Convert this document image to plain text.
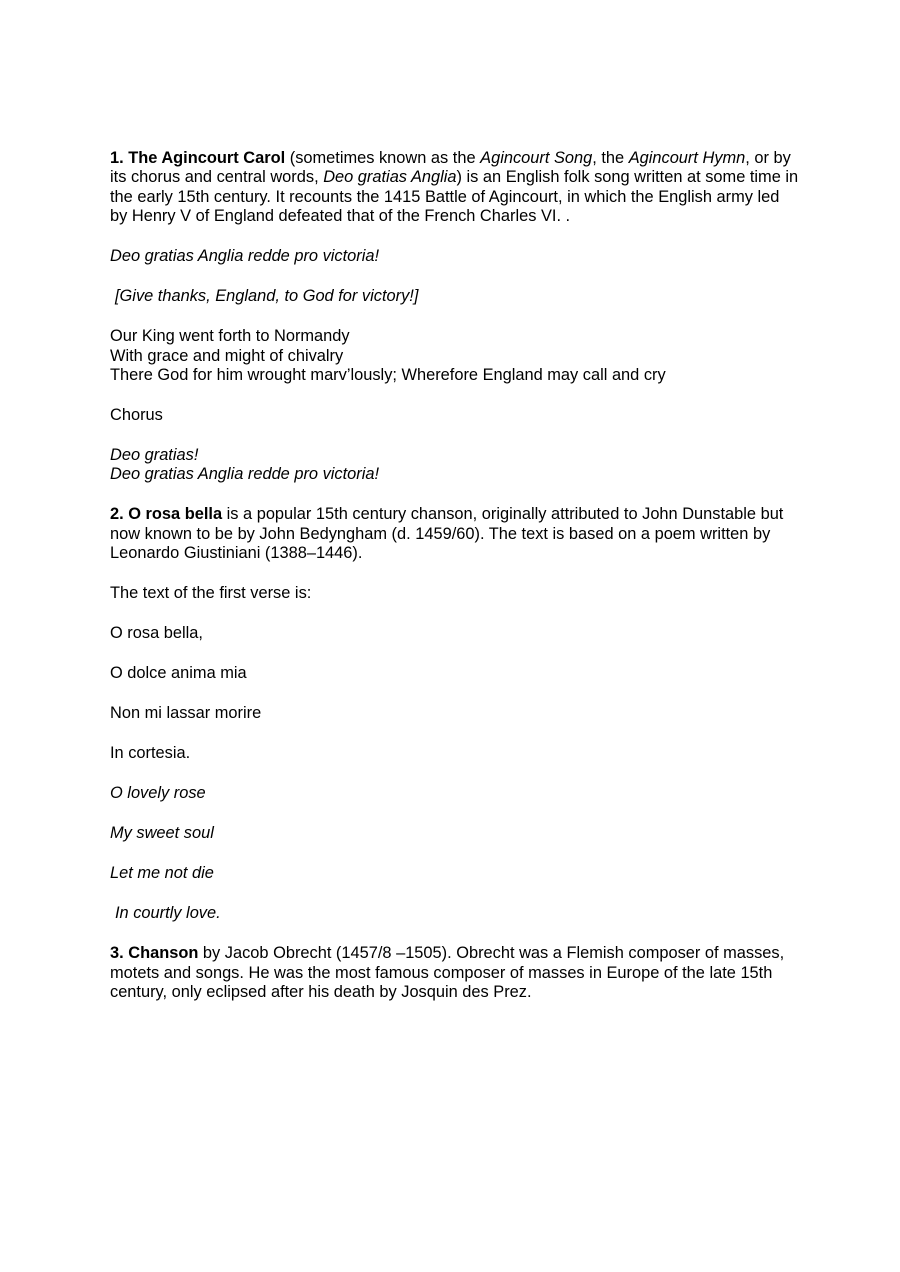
1. The Agincourt Carol (sometimes known as the Agincourt Song, the Agincourt Hymn, or by its chorus and central words, Deo gratias Anglia) is an English folk song written at some time in the early 15th century. It recounts the 1415 Battle of Agincourt, in which the English army led by Henry V of England defeated that of the French Charles VI. .

Deo gratias Anglia redde pro victoria!

[Give thanks, England, to God for victory!]

Our King went forth to Normandy
With grace and might of chivalry
There God for him wrought marv’lously; Wherefore England may call and cry

Chorus

Deo gratias!
Deo gratias Anglia redde pro victoria!

2. O rosa bella is a popular 15th century chanson, originally attributed to John Dunstable but now known to be by John Bedyngham (d. 1459/60). The text is based on a poem written by Leonardo Giustiniani (1388–1446).

The text of the first verse is:

O rosa bella,

O dolce anima mia

Non mi lassar morire

In cortesia.

O lovely rose

My sweet soul

Let me not die

In courtly love.

3. Chanson by Jacob Obrecht (1457/8 –1505). Obrecht was a Flemish composer of masses, motets and songs. He was the most famous composer of masses in Europe of the late 15th century, only eclipsed after his death by Josquin des Prez.
